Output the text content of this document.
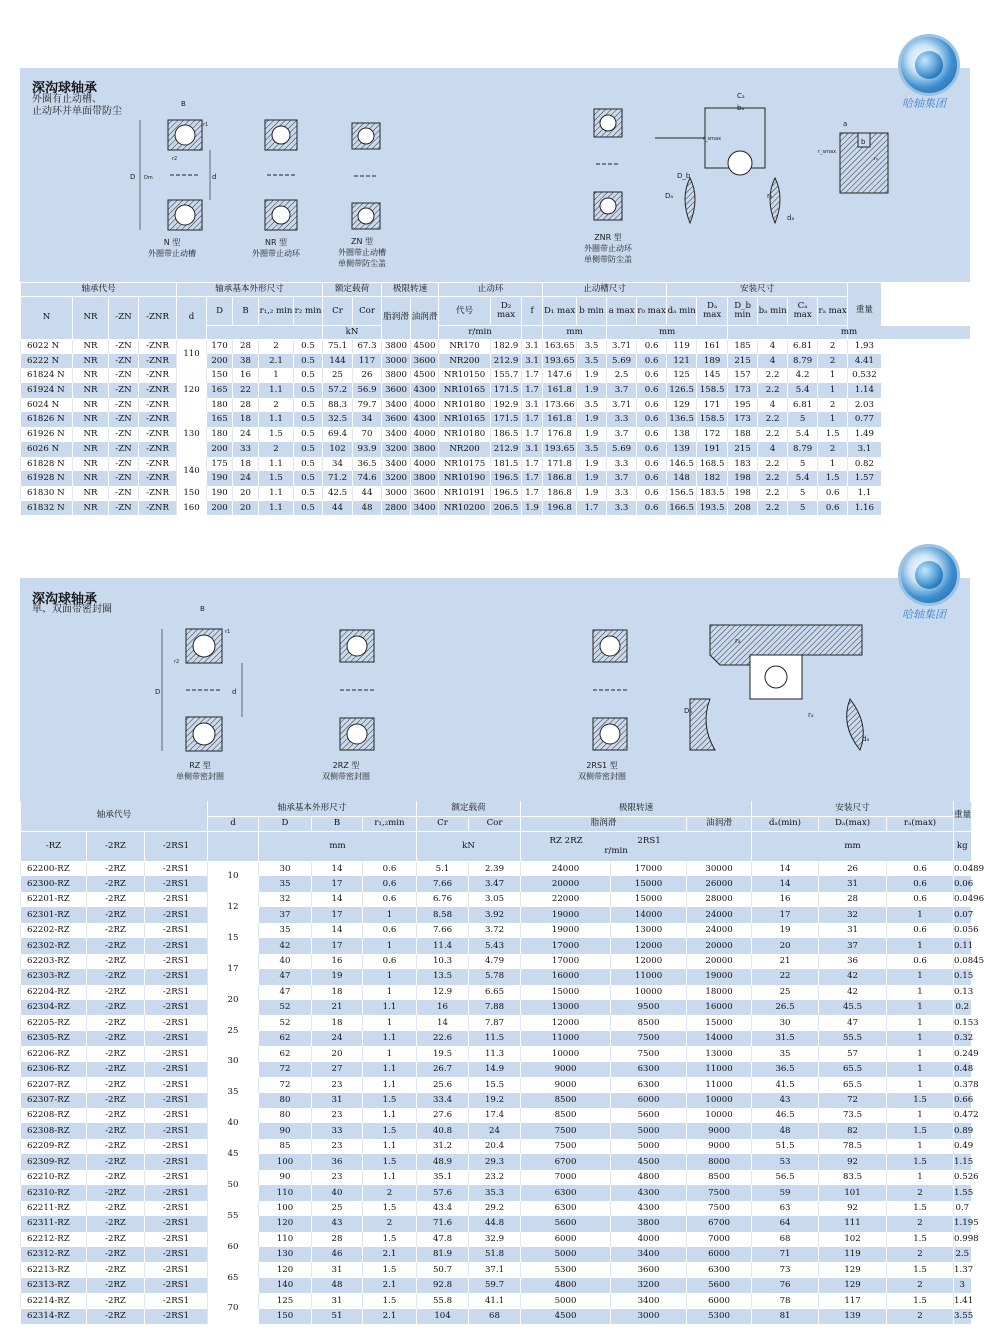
哈轴集团
深沟球轴承
外圈有止动槽、
止动环并单面带防尘
D	d
B
Dm
r1
r2
N 型
外圈带止动槽
NR 型
外圈带止动环
ZN 型
外圈带止动槽
单侧带防尘盖
ZNR 型
外圈带止动环
单侧带防尘盖
Cₐ
bₐ
Dₐ
D_b
rₐ
dₐ
r_smax
a
b
r_smax
r₀
轴承代号				轴承基本外形尺寸					额定载荷		极限转速		止动环			止动槽尺寸				安装尺寸						重量
N	NR	-ZN	-ZNR	d	D	B	r₁,₂ min	r₂ min	Cr	Cor	脂润滑	油润滑	代号	D₂ max	f	D₁ max	b min	a max	r₀ max	dₐ min	Dₐ max	D_b min	bₐ min	Cₐ max	rₐ max	
									kN				r/min			mm		mm				mm				
6022 N	NR	-ZN	-ZNR	110	170	28	2	0.5	75.1	67.3	3800	4500	NR170	182.9	3.1	163.65	3.5	3.71	0.6	119	161	185	4	6.81	2	1.93
6222 N	NR	-ZN	-ZNR		200	38	2.1	0.5	144	117	3000	3600	NR200	212.9	3.1	193.65	3.5	5.69	0.6	121	189	215	4	8.79	2	4.41
61824 N	NR	-ZN	-ZNR	120	150	16	1	0.5	25	26	3800	4500	NR10150	155.7	1.7	147.6	1.9	2.5	0.6	125	145	157	2.2	4.2	1	0.532
61924 N	NR	-ZN	-ZNR		165	22	1.1	0.5	57.2	56.9	3600	4300	NR10165	171.5	1.7	161.8	1.9	3.7	0.6	126.5	158.5	173	2.2	5.4	1	1.14
6024 N	NR	-ZN	-ZNR		180	28	2	0.5	88.3	79.7	3400	4000	NR10180	192.9	3.1	173.66	3.5	3.71	0.6	129	171	195	4	6.81	2	2.03
61826 N	NR	-ZN	-ZNR	130	165	18	1.1	0.5	32.5	34	3600	4300	NR10165	171.5	1.7	161.8	1.9	3.3	0.6	136.5	158.5	173	2.2	5	1	0.77
61926 N	NR	-ZN	-ZNR		180	24	1.5	0.5	69.4	70	3400	4000	NR10180	186.5	1.7	176.8	1.9	3.7	0.6	138	172	188	2.2	5.4	1.5	1.49
6026 N	NR	-ZN	-ZNR		200	33	2	0.5	102	93.9	3200	3800	NR200	212.9	3.1	193.65	3.5	5.69	0.6	139	191	215	4	8.79	2	3.1
61828 N	NR	-ZN	-ZNR	140	175	18	1.1	0.5	34	36.5	3400	4000	NR10175	181.5	1.7	171.8	1.9	3.3	0.6	146.5	168.5	183	2.2	5	1	0.82
61928 N	NR	-ZN	-ZNR		190	24	1.5	0.5	71.2	74.6	3200	3800	NR10190	196.5	1.7	186.8	1.9	3.7	0.6	148	182	198	2.2	5.4	1.5	1.57
61830 N	NR	-ZN	-ZNR	150	190	20	1.1	0.5	42.5	44	3000	3600	NR10191	196.5	1.7	186.8	1.9	3.3	0.6	156.5	183.5	198	2.2	5	0.6	1.1
61832 N	NR	-ZN	-ZNR	160	200	20	1.1	0.5	44	48	2800	3400	NR10200	206.5	1.9	196.8	1.7	3.3	0.6	166.5	193.5	208	2.2	5	0.6	1.16
哈轴集团
深沟球轴承
单、双面带密封圈
D	d
B
r1
r2
RZ 型
单侧带密封圈
2RZ 型
双侧带密封圈
2RS1 型
双侧带密封圈
rₐ
Dₐ	rₐ
dₐ
轴承代号			轴承基本外形尺寸				额定载荷		极限转速			安装尺寸			重量
			d	D	B	r₁,₂min	Cr	Cor	脂润滑		油润滑	dₐ(min)	Dₐ(max)	rₐ(max)	
-RZ	-2RZ	-2RS1		mm			kN		RZ 2RZ 2RS1
r/min			mm			kg
62200-RZ	-2RZ	-2RS1	10	30	14	0.6	5.1	2.39	24000	17000	30000	14	26	0.6	0.0489
62300-RZ	-2RZ	-2RS1		35	17	0.6	7.66	3.47	20000	15000	26000	14	31	0.6	0.06
62201-RZ	-2RZ	-2RS1	12	32	14	0.6	6.76	3.05	22000	15000	28000	16	28	0.6	0.0496
62301-RZ	-2RZ	-2RS1		37	17	1	8.58	3.92	19000	14000	24000	17	32	1	0.07
62202-RZ	-2RZ	-2RS1	15	35	14	0.6	7.66	3.72	19000	13000	24000	19	31	0.6	0.056
62302-RZ	-2RZ	-2RS1		42	17	1	11.4	5.43	17000	12000	20000	20	37	1	0.11
62203-RZ	-2RZ	-2RS1	17	40	16	0.6	10.3	4.79	17000	12000	20000	21	36	0.6	0.0845
62303-RZ	-2RZ	-2RS1		47	19	1	13.5	5.78	16000	11000	19000	22	42	1	0.15
62204-RZ	-2RZ	-2RS1	20	47	18	1	12.9	6.65	15000	10000	18000	25	42	1	0.13
62304-RZ	-2RZ	-2RS1		52	21	1.1	16	7.88	13000	9500	16000	26.5	45.5	1	0.2
62205-RZ	-2RZ	-2RS1	25	52	18	1	14	7.87	12000	8500	15000	30	47	1	0.153
62305-RZ	-2RZ	-2RS1		62	24	1.1	22.6	11.5	11000	7500	14000	31.5	55.5	1	0.32
62206-RZ	-2RZ	-2RS1	30	62	20	1	19.5	11.3	10000	7500	13000	35	57	1	0.249
62306-RZ	-2RZ	-2RS1		72	27	1.1	26.7	14.9	9000	6300	11000	36.5	65.5	1	0.48
62207-RZ	-2RZ	-2RS1	35	72	23	1.1	25.6	15.5	9000	6300	11000	41.5	65.5	1	0.378
62307-RZ	-2RZ	-2RS1		80	31	1.5	33.4	19.2	8500	6000	10000	43	72	1.5	0.66
62208-RZ	-2RZ	-2RS1	40	80	23	1.1	27.6	17.4	8500	5600	10000	46.5	73.5	1	0.472
62308-RZ	-2RZ	-2RS1		90	33	1.5	40.8	24	7500	5000	9000	48	82	1.5	0.89
62209-RZ	-2RZ	-2RS1	45	85	23	1.1	31.2	20.4	7500	5000	9000	51.5	78.5	1	0.49
62309-RZ	-2RZ	-2RS1		100	36	1.5	48.9	29.3	6700	4500	8000	53	92	1.5	1.15
62210-RZ	-2RZ	-2RS1	50	90	23	1.1	35.1	23.2	7000	4800	8500	56.5	83.5	1	0.526
62310-RZ	-2RZ	-2RS1		110	40	2	57.6	35.3	6300	4300	7500	59	101	2	1.55
62211-RZ	-2RZ	-2RS1	55	100	25	1.5	43.4	29.2	6300	4300	7500	63	92	1.5	0.7
62311-RZ	-2RZ	-2RS1		120	43	2	71.6	44.8	5600	3800	6700	64	111	2	1.195
62212-RZ	-2RZ	-2RS1	60	110	28	1.5	47.8	32.9	6000	4000	7000	68	102	1.5	0.998
62312-RZ	-2RZ	-2RS1		130	46	2.1	81.9	51.8	5000	3400	6000	71	119	2	2.5
62213-RZ	-2RZ	-2RS1	65	120	31	1.5	50.7	37.1	5300	3600	6300	73	129	1.5	1.37
62313-RZ	-2RZ	-2RS1		140	48	2.1	92.8	59.7	4800	3200	5600	76	129	2	3
62214-RZ	-2RZ	-2RS1	70	125	31	1.5	55.8	41.1	5000	3400	6000	78	117	1.5	1.41
62314-RZ	-2RZ	-2RS1		150	51	2.1	104	68	4500	3000	5300	81	139	2	3.55
